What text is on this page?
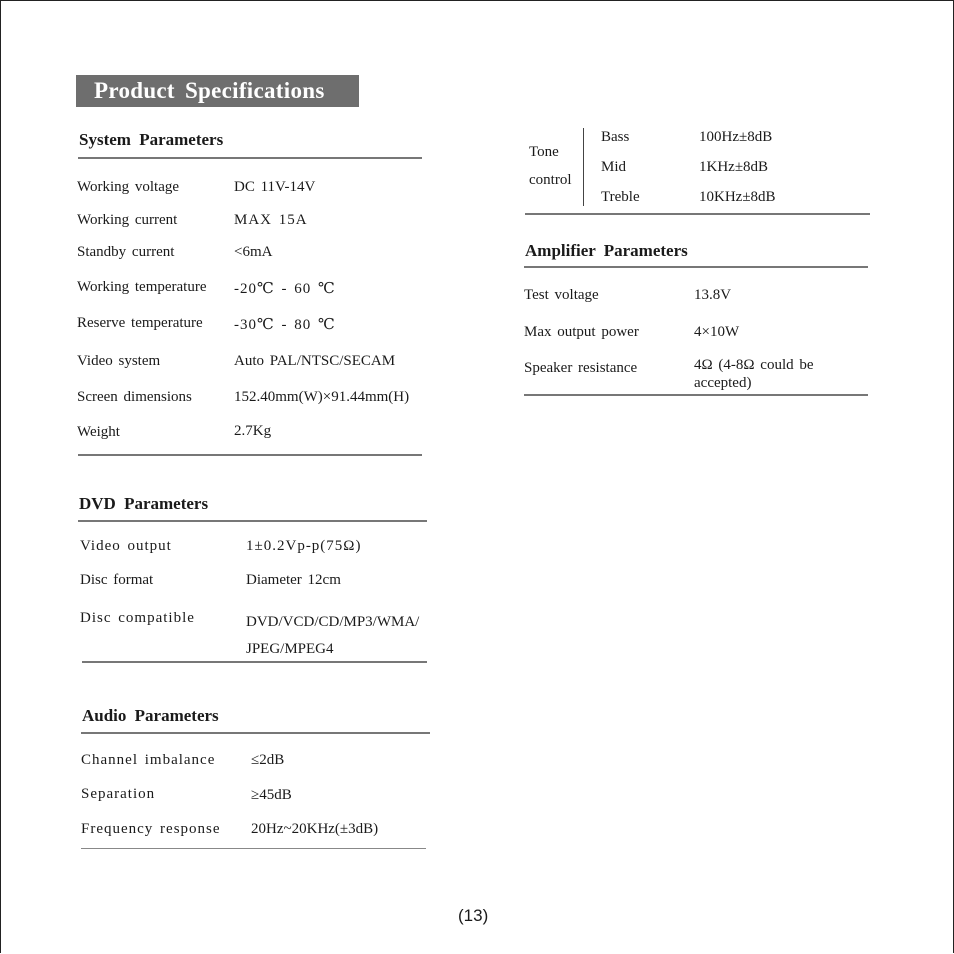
Product Specifications
System Parameters
Working voltage	DC 11V-14V
Working current	MAX 15A
Standby current	<6mA
Working temperature -20℃ - 60 ℃
Reserve temperature -30℃ - 80 ℃
Video system	Auto PAL/NTSC/SECAM
Screen dimensions	152.40mm(W)×91.44mm(H)
Weight	2.7Kg
DVD Parameters
Video output	1±0.2Vp-p(75Ω)
Disc format	Diameter 12cm
Disc compatible	DVD/VCD/CD/MP3/WMA/ JPEG/MPEG4
Audio Parameters
Channel imbalance ≤2dB
Separation	≥45dB
Frequency response 20Hz~20KHz(±3dB)
Tone
control
Bass	100Hz±8dB
Mid	1KHz±8dB
Treble	10KHz±8dB
Amplifier Parameters
Test voltage	13.8V
Max output power	4×10W
Speaker resistance	4Ω (4-8Ω could be accepted)
(13)
